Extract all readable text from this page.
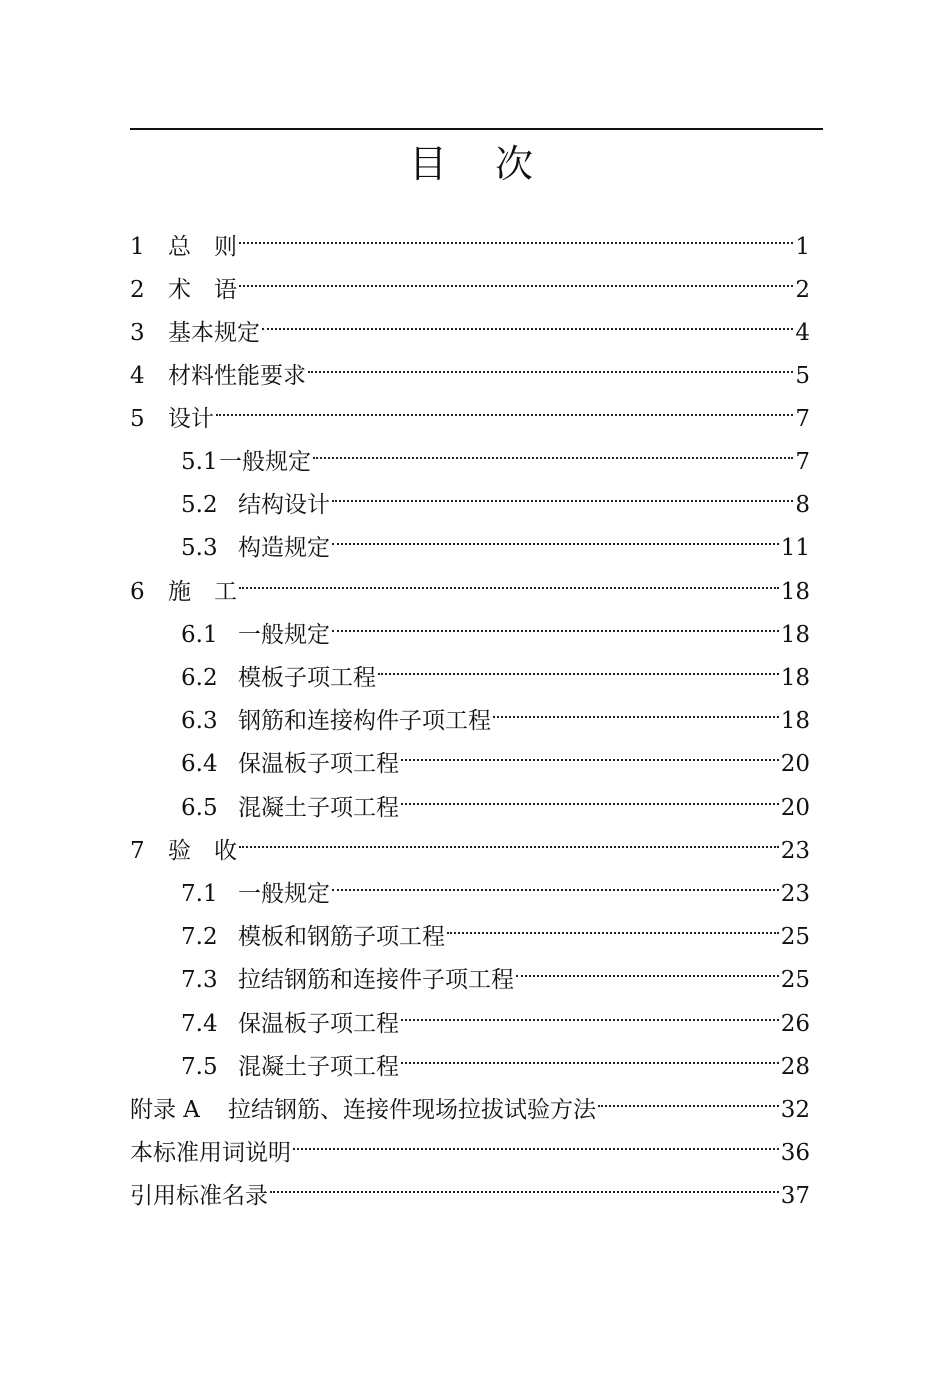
目 次
1	总　则	1
2	术　语	2
3	基本规定	4
4	材料性能要求	5
5	设计	7
5.1 一般规定	7
5.2 结构设计	8
5.3 构造规定	11
6	施　工	18
6.1 一般规定	18
6.2 模板子项工程	18
6.3 钢筋和连接构件子项工程	18
6.4 保温板子项工程	20
6.5 混凝土子项工程	20
7	验　收	23
7.1 一般规定	23
7.2 模板和钢筋子项工程	25
7.3 拉结钢筋和连接件子项工程	25
7.4 保温板子项工程	26
7.5 混凝土子项工程	28
附录 A	拉结钢筋、连接件现场拉拔试验方法	32
本标准用词说明	36
引用标准名录	37
